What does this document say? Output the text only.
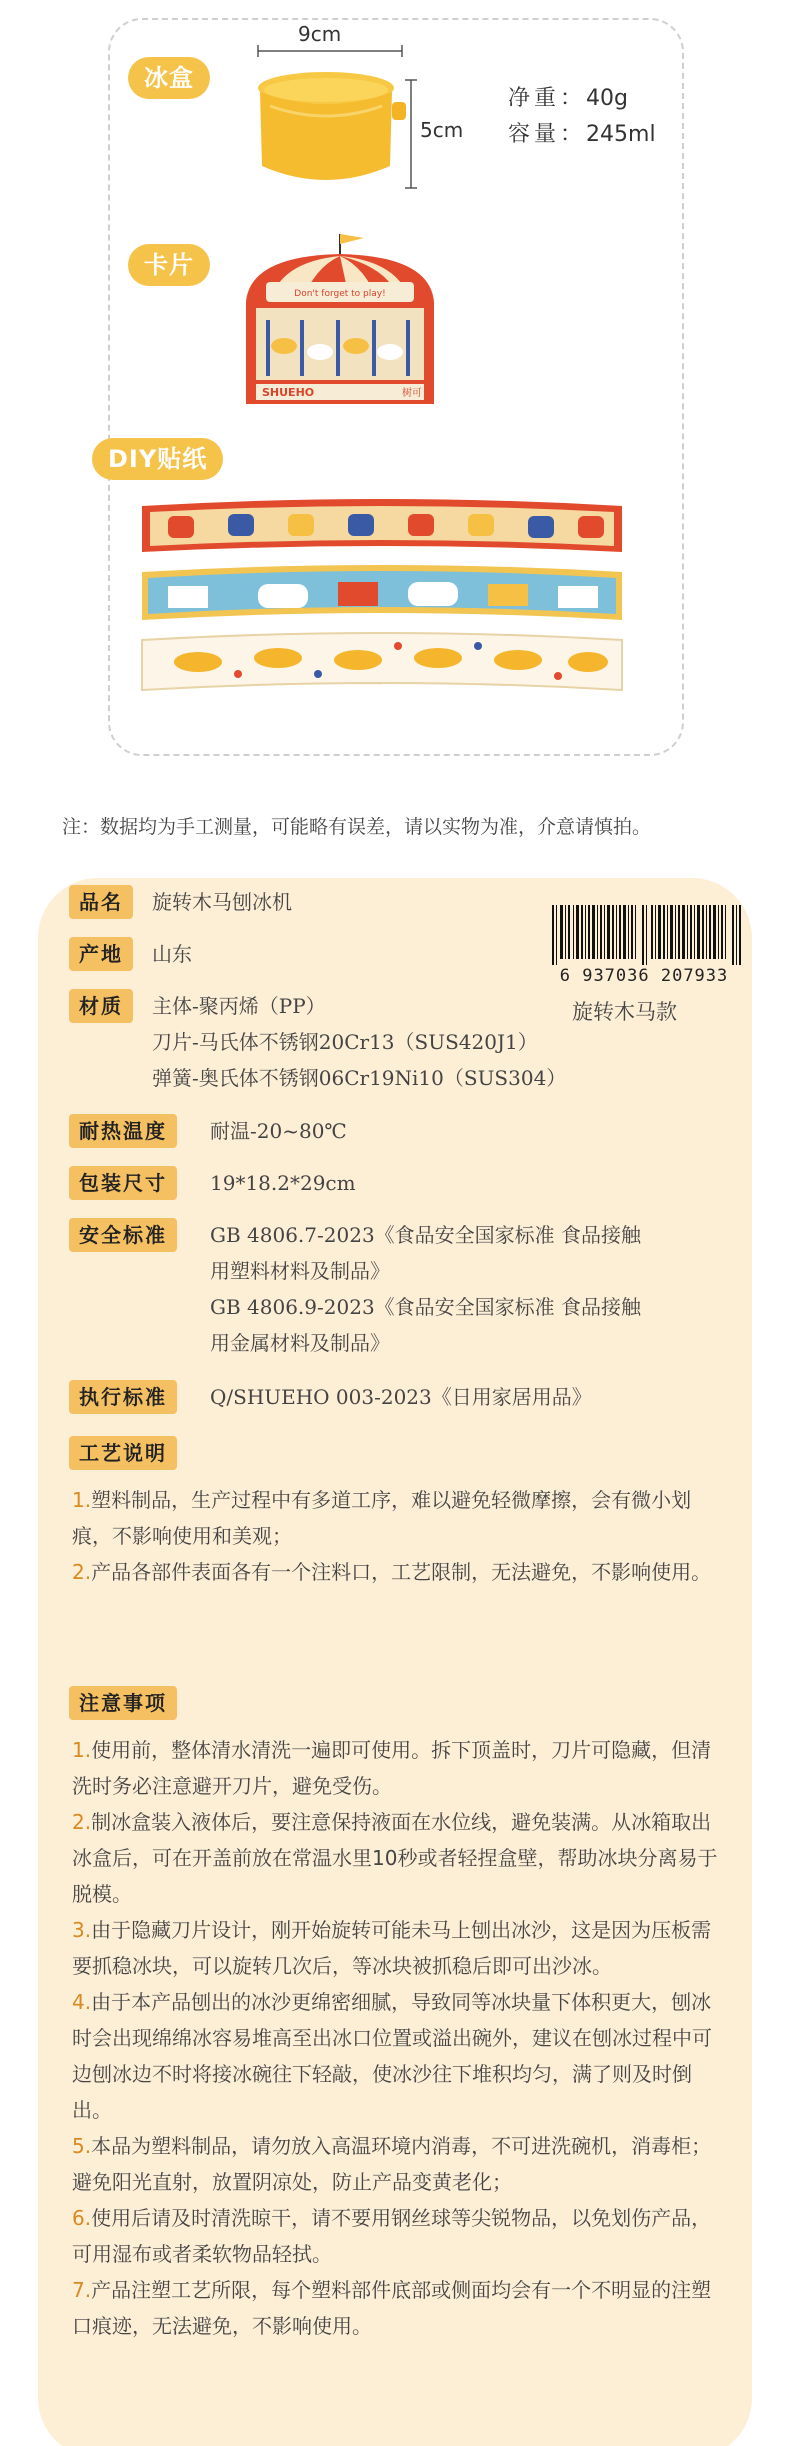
冰盒
9cm
5cm
净重：40g
容量：245ml
卡片
Don't forget to play!
SHUEHO	树可
DIY贴纸
注：数据均为手工测量，可能略有误差，请以实物为准，介意请慎拍。
6 937036 207933
旋转木马款
品名	旋转木马刨冰机
产地	山东
材质	主体-聚丙烯（PP）
刀片-马氏体不锈钢20Cr13（SUS420J1）
弹簧-奥氏体不锈钢06Cr19Ni10（SUS304）
耐热温度	耐温-20~80℃
包装尺寸	19*18.2*29cm
安全标准	GB 4806.7-2023《食品安全国家标准 食品接触
用塑料材料及制品》
GB 4806.9-2023《食品安全国家标准 食品接触
用金属材料及制品》
执行标准	Q/SHUEHO 003-2023《日用家居用品》
工艺说明
1.塑料制品，生产过程中有多道工序，难以避免轻微摩擦，会有微小划痕，不影响使用和美观；
2.产品各部件表面各有一个注料口，工艺限制，无法避免，不影响使用。
注意事项
1.使用前，整体清水清洗一遍即可使用。拆下顶盖时，刀片可隐藏，但清洗时务必注意避开刀片，避免受伤。
2.制冰盒装入液体后，要注意保持液面在水位线，避免装满。从冰箱取出冰盒后，可在开盖前放在常温水里10秒或者轻捏盒壁，帮助冰块分离易于脱模。
3.由于隐藏刀片设计，刚开始旋转可能未马上刨出冰沙，这是因为压板需要抓稳冰块，可以旋转几次后，等冰块被抓稳后即可出沙冰。
4.由于本产品刨出的冰沙更绵密细腻，导致同等冰块量下体积更大，刨冰时会出现绵绵冰容易堆高至出冰口位置或溢出碗外，建议在刨冰过程中可边刨冰边不时将接冰碗往下轻敲，使冰沙往下堆积均匀，满了则及时倒出。
5.本品为塑料制品，请勿放入高温环境内消毒，不可进洗碗机，消毒柜；避免阳光直射，放置阴凉处，防止产品变黄老化；
6.使用后请及时清洗晾干，请不要用钢丝球等尖锐物品，以免划伤产品，可用湿布或者柔软物品轻拭。
7.产品注塑工艺所限，每个塑料部件底部或侧面均会有一个不明显的注塑口痕迹，无法避免，不影响使用。
